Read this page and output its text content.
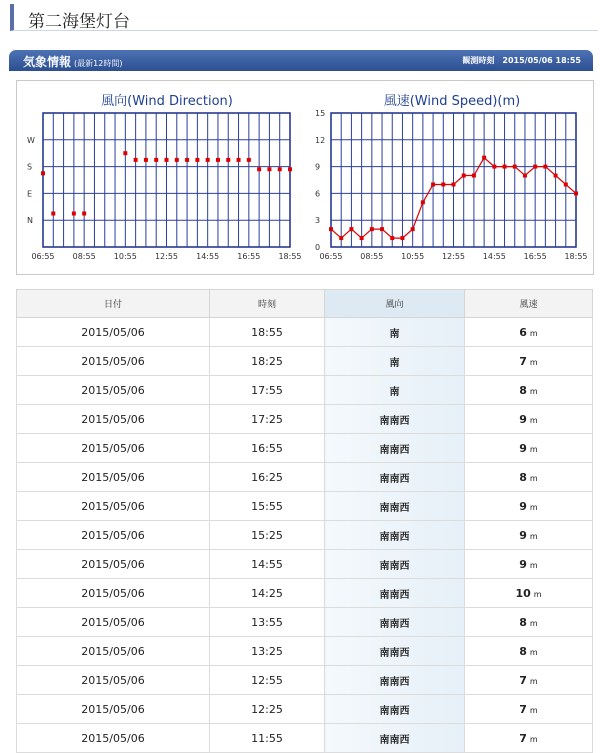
第二海堡灯台
気象情報 (最新12時間)	観測時刻 2015/05/06 18:55
N
E
S
W
06:55 08:55 10:55 12:55 14:55 16:55 18:55
風向(Wind Direction)
0
3
6
9
12
15
06:55 08:55 10:55 12:55 14:55 16:55 18:55
風速(Wind Speed)(m)
日付	時刻	風向	風速
2015/05/06	18:55	南	6 m
2015/05/06	18:25	南	7 m
2015/05/06	17:55	南	8 m
2015/05/06	17:25	南南西	9 m
2015/05/06	16:55	南南西	9 m
2015/05/06	16:25	南南西	8 m
2015/05/06	15:55	南南西	9 m
2015/05/06	15:25	南南西	9 m
2015/05/06	14:55	南南西	9 m
2015/05/06	14:25	南南西	10 m
2015/05/06	13:55	南南西	8 m
2015/05/06	13:25	南南西	8 m
2015/05/06	12:55	南南西	7 m
2015/05/06	12:25	南南西	7 m
2015/05/06	11:55	南南西	7 m
